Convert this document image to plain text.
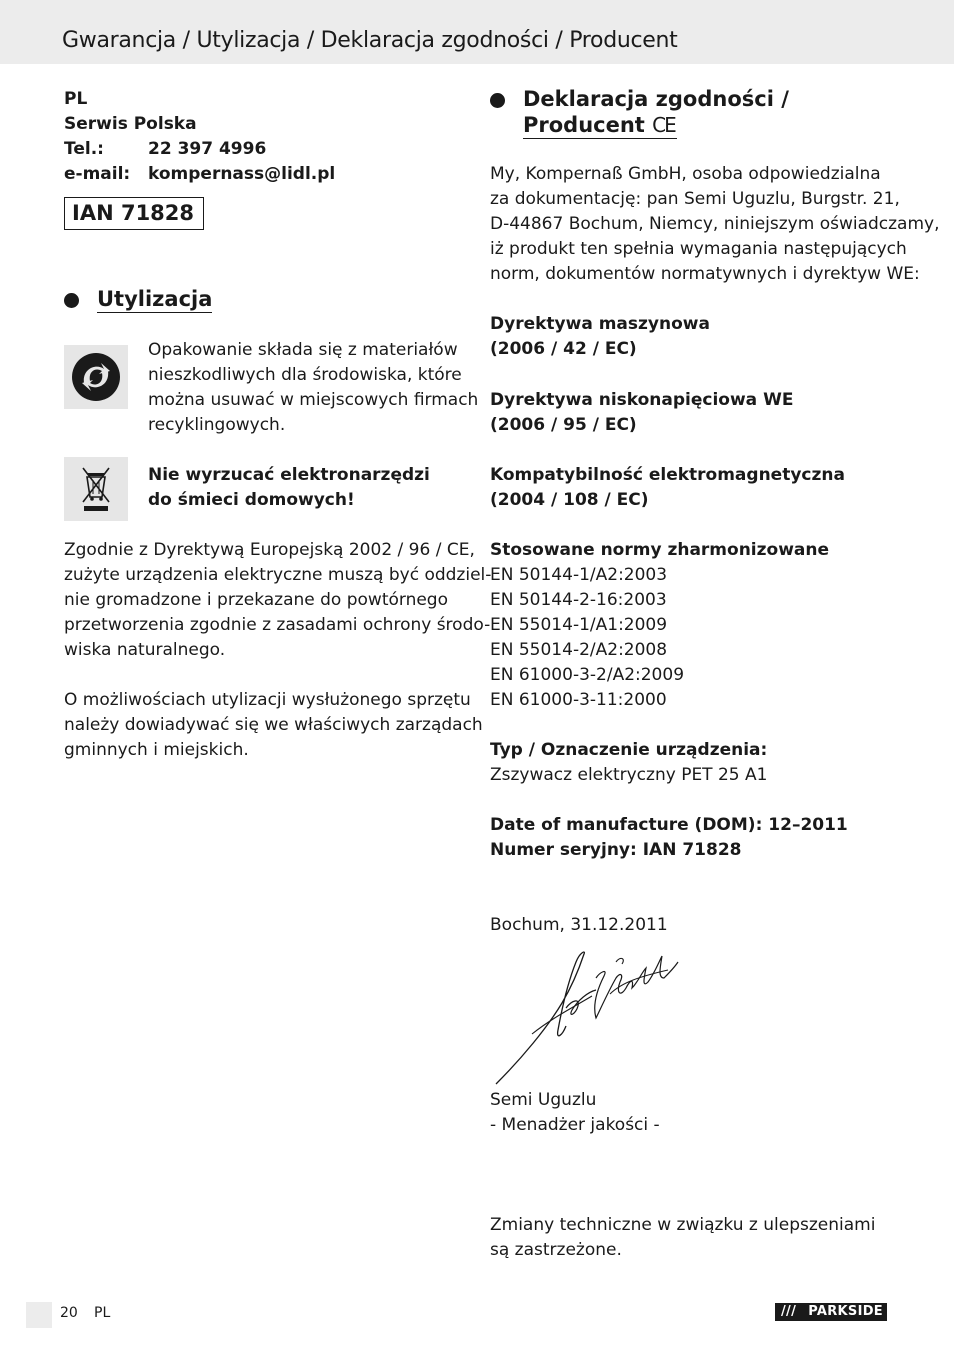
Gwarancja / Utylizacja / Deklaracja zgodności / Producent
PL
Serwis Polska
Tel.:	22 397 4996
e-mail:	kompernass@lidl.pl
IAN 71828
Utylizacja
Opakowanie składa się z materiałów
nieszkodliwych dla środowiska, które
można usuwać w miejscowych firmach
recyklingowych.
Nie wyrzucać elektronarzędzi
do śmieci domowych!
Zgodnie z Dyrektywą Europejską 2002 / 96 / CE,
zużyte urządzenia elektryczne muszą być oddziel-
nie gromadzone i przekazane do powtórnego
przetworzenia zgodnie z zasadami ochrony środo-
wiska naturalnego.
O możliwościach utylizacji wysłużonego sprzętu
należy dowiadywać się we właściwych zarządach
gminnych i miejskich.
Deklaracja zgodności /
Producent CE
My, Kompernaß GmbH, osoba odpowiedzialna
za dokumentację: pan Semi Uguzlu, Burgstr. 21,
D-44867 Bochum, Niemcy, niniejszym oświadczamy,
iż produkt ten spełnia wymagania następujących
norm, dokumentów normatywnych i dyrektyw WE:
Dyrektywa maszynowa
(2006 / 42 / EC)
Dyrektywa niskonapięciowa WE
(2006 / 95 / EC)
Kompatybilność elektromagnetyczna
(2004 / 108 / EC)
Stosowane normy zharmonizowane
EN 50144-1/A2:2003
EN 50144-2-16:2003
EN 55014-1/A1:2009
EN 55014-2/A2:2008
EN 61000-3-2/A2:2009
EN 61000-3-11:2000
Typ / Oznaczenie urządzenia:
Zszywacz elektryczny PET 25 A1
Date of manufacture (DOM): 12–2011
Numer seryjny: IAN 71828
Bochum, 31.12.2011
Semi Uguzlu
- Menadżer jakości -
Zmiany techniczne w związku z ulepszeniami
są zastrzeżone.
20 PL	/// PARKSIDE
